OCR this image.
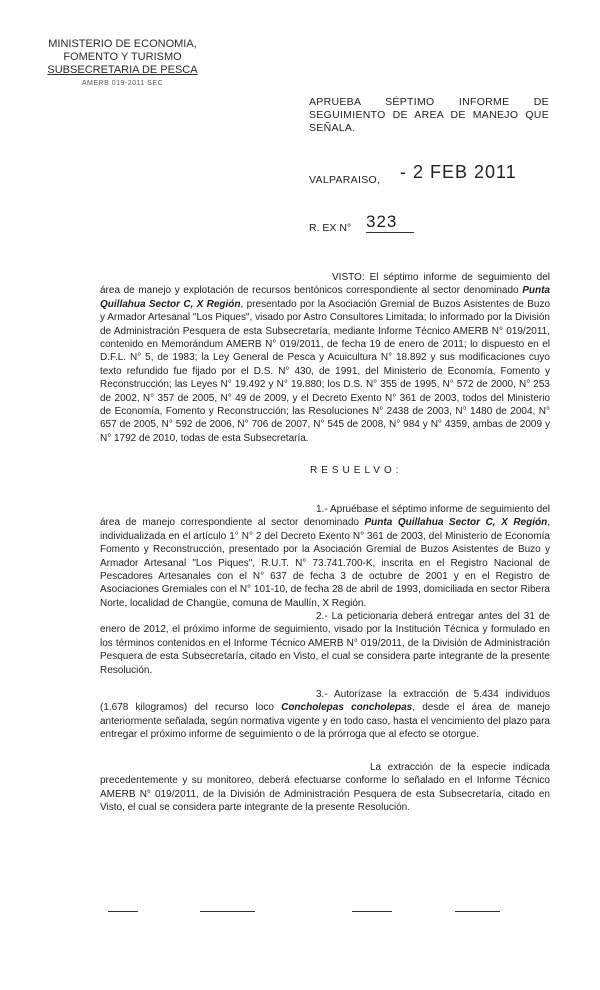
MINISTERIO DE ECONOMIA,
FOMENTO Y TURISMO
SUBSECRETARIA DE PESCA
AMERB 019-2011 SEC
APRUEBA SÉPTIMO INFORME DE SEGUIMIENTO DE AREA DE MANEJO QUE SEÑALA.
VALPARAISO, - 2 FEB 2011
R. EX N° 323
VISTO: El séptimo informe de seguimiento del área de manejo y explotación de recursos bentónicos correspondiente al sector denominado Punta Quillahua Sector C, X Región, presentado por la Asociación Gremial de Buzos Asistentes de Buzo y Armador Artesanal "Los Piques", visado por Astro Consultores Limitada; lo informado por la División de Administración Pesquera de esta Subsecretaría, mediante Informe Técnico AMERB N° 019/2011, contenido en Memorándum AMERB N° 019/2011, de fecha 19 de enero de 2011; lo dispuesto en el D.F.L. N° 5, de 1983; la Ley General de Pesca y Acuicultura N° 18.892 y sus modificaciones cuyo texto refundido fue fijado por el D.S. N° 430, de 1991, del Ministerio de Economía, Fomento y Reconstrucción; las Leyes N° 19.492 y N° 19.880; los D.S. N° 355 de 1995, N° 572 de 2000, N° 253 de 2002, N° 357 de 2005, N° 49 de 2009, y el Decreto Exento N° 361 de 2003, todos del Ministerio de Economía, Fomento y Reconstrucción; las Resoluciones N° 2438 de 2003, N° 1480 de 2004, N° 657 de 2005, N° 592 de 2006, N° 706 de 2007, N° 545 de 2008, N° 984 y N° 4359, ambas de 2009 y N° 1792 de 2010, todas de esta Subsecretaría.
RESUELVO:
1.- Apruébase el séptimo informe de seguimiento del área de manejo correspondiente al sector denominado Punta Quillahua Sector C, X Región, individualizada en el artículo 1° N° 2 del Decreto Exento N° 361 de 2003, del Ministerio de Economía Fomento y Reconstrucción, presentado por la Asociación Gremial de Buzos Asistentes de Buzo y Armador Artesanal "Los Piques", R.U.T. N° 73.741.700-K, inscrita en el Registro Nacional de Pescadores Artesanales con el N° 637 de fecha 3 de octubre de 2001 y en el Registro de Asociaciones Gremiales con el N° 101-10, de fecha 28 de abril de 1993, domiciliada en sector Ribera Norte, localidad de Changüe, comuna de Maullín, X Región.
2.- La peticionaria deberá entregar antes del 31 de enero de 2012, el próximo informe de seguimiento, visado por la Institución Técnica y formulado en los términos contenidos en el Informe Técnico AMERB N° 019/2011, de la División de Administración Pesquera de esta Subsecretaría, citado en Visto, el cual se considera parte integrante de la presente Resolución.
3.- Autorízase la extracción de 5.434 individuos (1.678 kilogramos) del recurso loco Concholepas concholepas, desde el área de manejo anteriormente señalada, según normativa vigente y en todo caso, hasta el vencimiento del plazo para entregar el próximo informe de seguimiento o de la prórroga que al efecto se otorgue.
La extracción de la especie indicada precedentemente y su monitoreo, deberá efectuarse conforme lo señalado en el Informe Técnico AMERB N° 019/2011, de la División de Administración Pesquera de esta Subsecretaría, citado en Visto, el cual se considera parte integrante de la presente Resolución.
